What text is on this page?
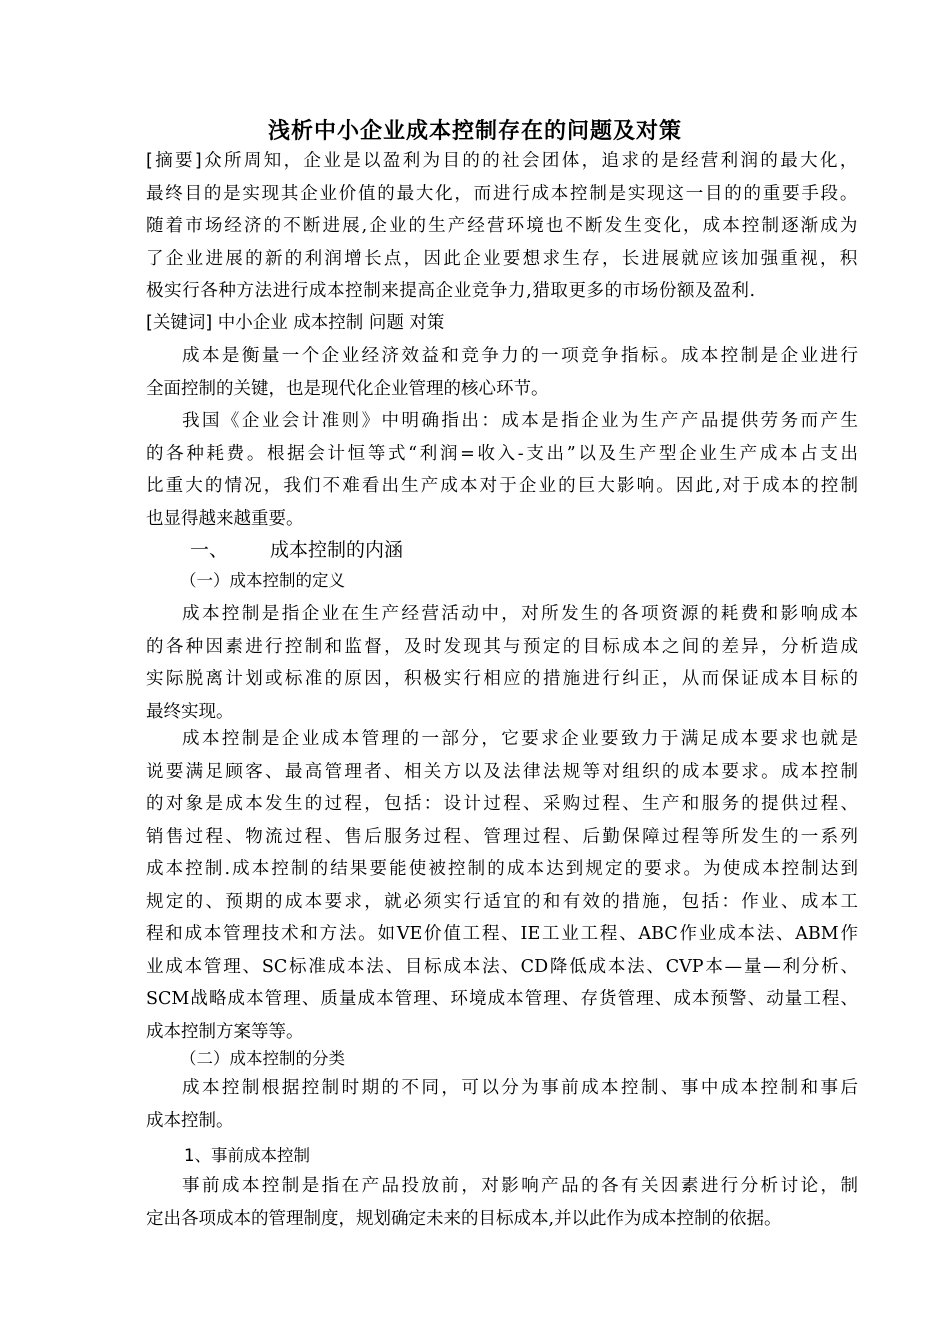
浅析中小企业成本控制存在的问题及对策
[摘要]众所周知，企业是以盈利为目的的社会团体，追求的是经营利润的最大化，
最终目的是实现其企业价值的最大化，而进行成本控制是实现这一目的的重要手段。
随着市场经济的不断进展,企业的生产经营环境也不断发生变化，成本控制逐渐成为
了企业进展的新的利润增长点，因此企业要想求生存，长进展就应该加强重视，积
极实行各种方法进行成本控制来提高企业竞争力,猎取更多的市场份额及盈利.
[关键词] 中小企业 成本控制 问题 对策
成本是衡量一个企业经济效益和竞争力的一项竞争指标。成本控制是企业进行
全面控制的关键，也是现代化企业管理的核心环节。
我国《企业会计准则》中明确指出：成本是指企业为生产产品提供劳务而产生
的各种耗费。根据会计恒等式“利润=收入-支出”以及生产型企业生产成本占支出
比重大的情况，我们不难看出生产成本对于企业的巨大影响。因此,对于成本的控制
也显得越来越重要。
一、 成本控制的内涵
（一）成本控制的定义
成本控制是指企业在生产经营活动中，对所发生的各项资源的耗费和影响成本
的各种因素进行控制和监督，及时发现其与预定的目标成本之间的差异，分析造成
实际脱离计划或标准的原因，积极实行相应的措施进行纠正，从而保证成本目标的
最终实现。
成本控制是企业成本管理的一部分，它要求企业要致力于满足成本要求也就是
说要满足顾客、最高管理者、相关方以及法律法规等对组织的成本要求。成本控制
的对象是成本发生的过程，包括：设计过程、采购过程、生产和服务的提供过程、
销售过程、物流过程、售后服务过程、管理过程、后勤保障过程等所发生的一系列
成本控制.成本控制的结果要能使被控制的成本达到规定的要求。为使成本控制达到
规定的、预期的成本要求，就必须实行适宜的和有效的措施，包括：作业、成本工
程和成本管理技术和方法。如VE价值工程、IE工业工程、ABC作业成本法、ABM作
业成本管理、SC标准成本法、目标成本法、CD降低成本法、CVP本—量—利分析、
SCM战略成本管理、质量成本管理、环境成本管理、存货管理、成本预警、动量工程、
成本控制方案等等。
（二）成本控制的分类
成本控制根据控制时期的不同，可以分为事前成本控制、事中成本控制和事后
成本控制。
1、事前成本控制
事前成本控制是指在产品投放前，对影响产品的各有关因素进行分析讨论，制
定出各项成本的管理制度，规划确定未来的目标成本,并以此作为成本控制的依据。
